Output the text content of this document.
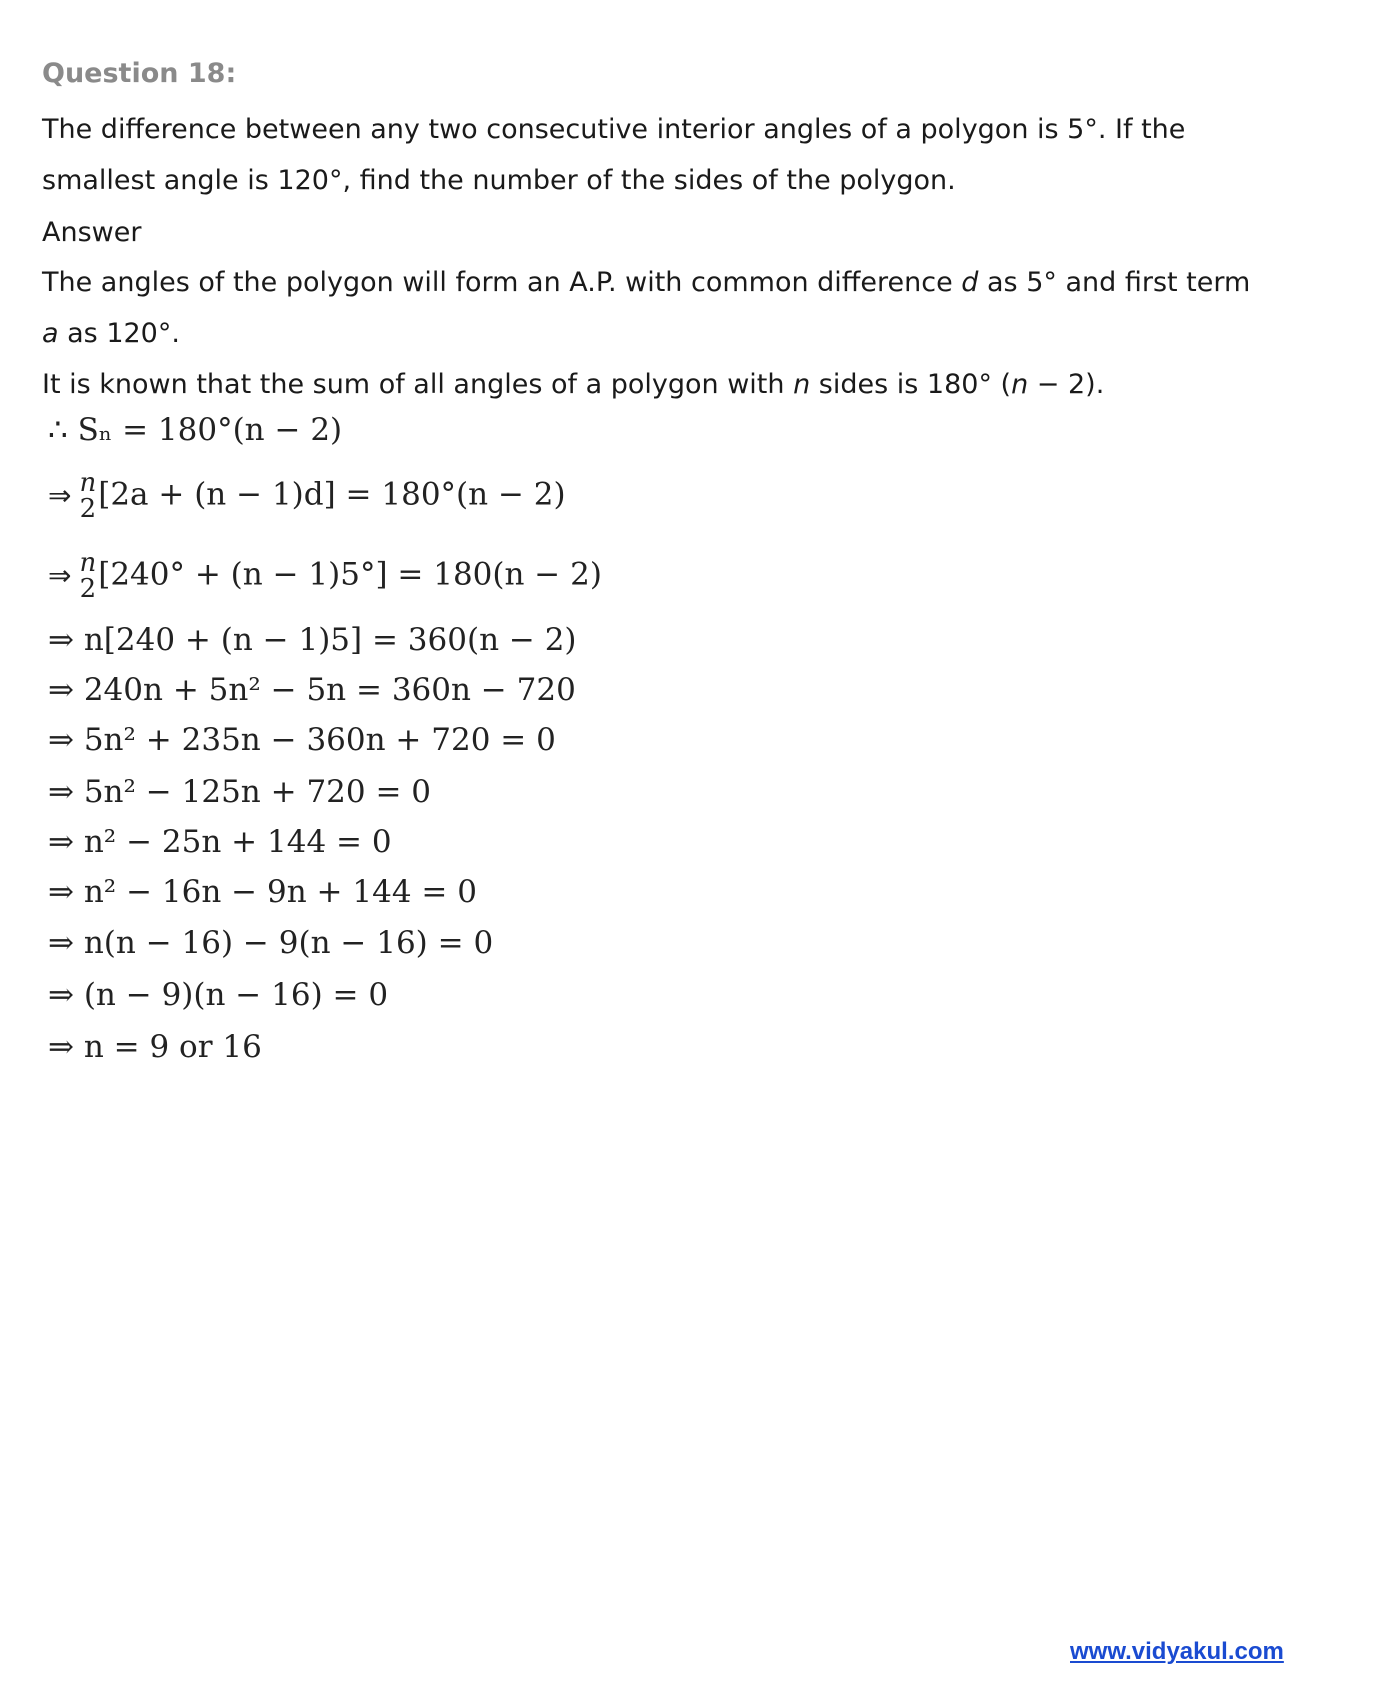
Question 18:

The difference between any two consecutive interior angles of a polygon is 5°. If the smallest angle is 120°, find the number of the sides of the polygon.

Answer

The angles of the polygon will form an A.P. with common difference d as 5° and first term a as 120°.

It is known that the sum of all angles of a polygon with n sides is 180° (n − 2).

∴ Sₙ = 180°(n − 2)
⇒ n
2 [2a + (n − 1)d] = 180°(n − 2)
⇒ n
2 [240° + (n − 1)5°] = 180(n − 2)
⇒ n[240 + (n − 1)5] = 360(n − 2)
⇒ 240n + 5n² − 5n = 360n − 720
⇒ 5n² + 235n − 360n + 720 = 0
⇒ 5n² − 125n + 720 = 0
⇒ n² − 25n + 144 = 0
⇒ n² − 16n − 9n + 144 = 0
⇒ n(n − 16) − 9(n − 16) = 0
⇒ (n − 9)(n − 16) = 0
⇒ n = 9 or 16
www.vidyakul.com
